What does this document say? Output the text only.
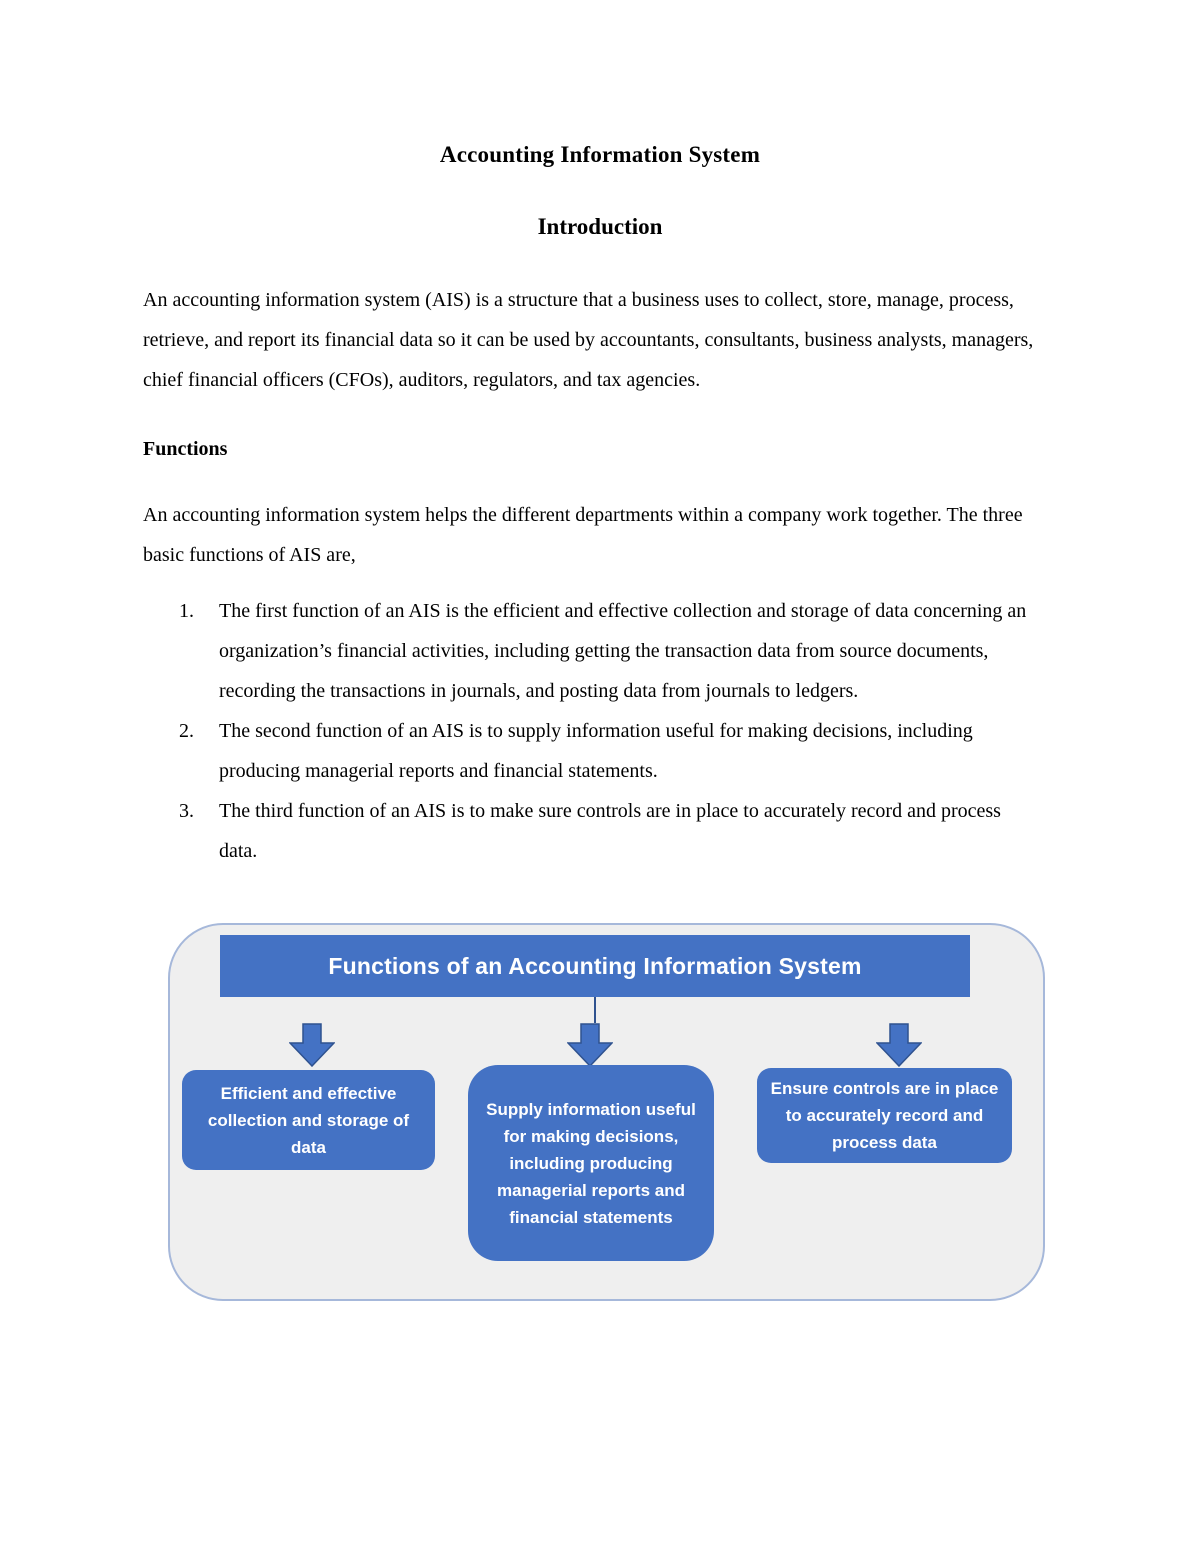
Accounting Information System
Introduction

An accounting information system (AIS) is a structure that a business uses to collect, store, manage, process, retrieve, and report its financial data so it can be used by accountants, consultants, business analysts, managers, chief financial officers (CFOs), auditors, regulators, and tax agencies.

Functions

An accounting information system helps the different departments within a company work together. The three basic functions of AIS are,

1.	The first function of an AIS is the efficient and effective collection and storage of data concerning an organization’s financial activities, including getting the transaction data from source documents, recording the transactions in journals, and posting data from journals to ledgers.
2.	The second function of an AIS is to supply information useful for making decisions, including producing managerial reports and financial statements.
3.	The third function of an AIS is to make sure controls are in place to accurately record and process data.
Functions of an Accounting Information System
Efficient and effective collection and storage of data
Supply information useful for making decisions, including producing managerial reports and financial statements
Ensure controls are in place to accurately record and process data
